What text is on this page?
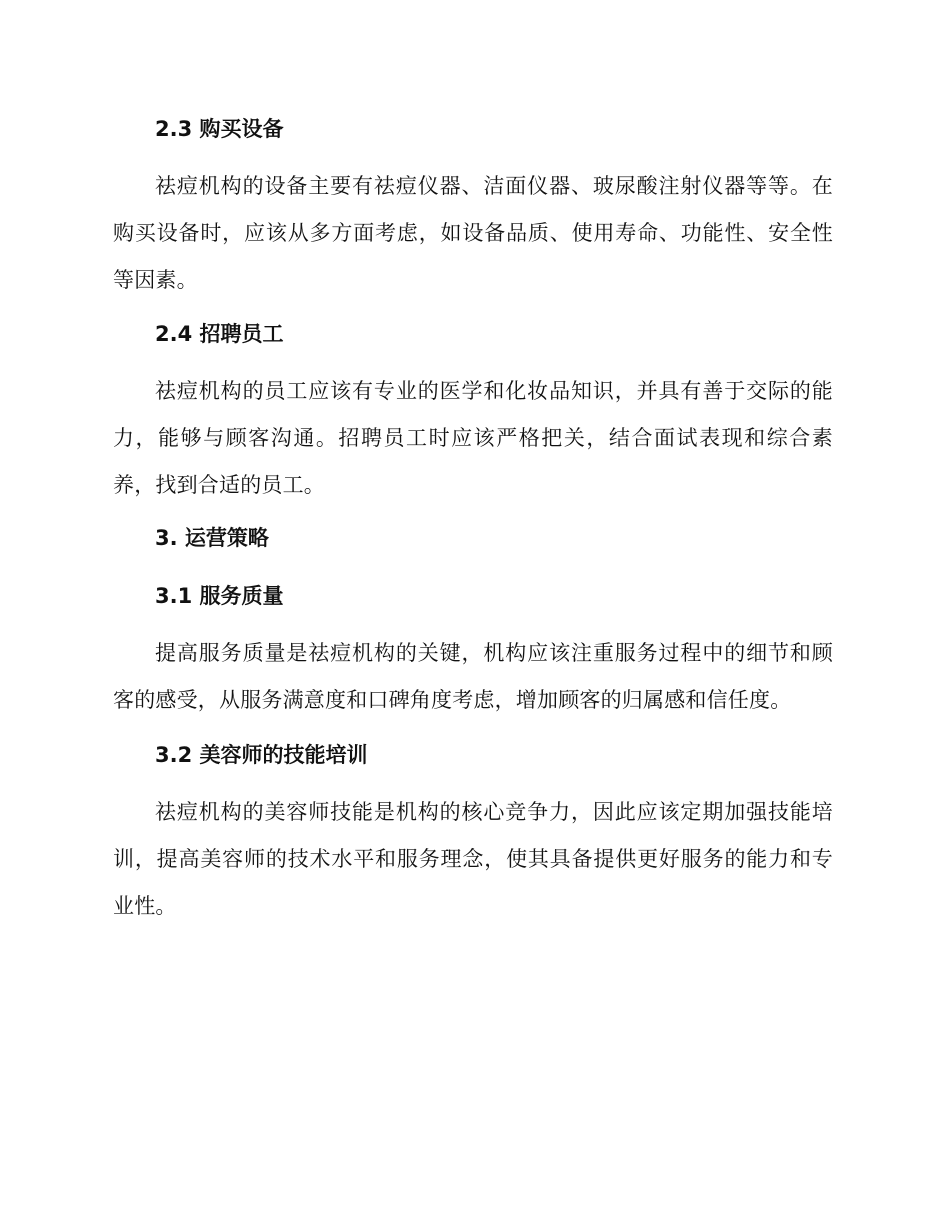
2.3 购买设备

祛痘机构的设备主要有祛痘仪器、洁面仪器、玻尿酸注射仪器等等。在购买设备时，应该从多方面考虑，如设备品质、使用寿命、功能性、安全性等因素。

2.4 招聘员工

祛痘机构的员工应该有专业的医学和化妆品知识，并具有善于交际的能力，能够与顾客沟通。招聘员工时应该严格把关，结合面试表现和综合素养，找到合适的员工。

3. 运营策略
3.1 服务质量

提高服务质量是祛痘机构的关键，机构应该注重服务过程中的细节和顾客的感受，从服务满意度和口碑角度考虑，增加顾客的归属感和信任度。

3.2 美容师的技能培训

祛痘机构的美容师技能是机构的核心竞争力，因此应该定期加强技能培训，提高美容师的技术水平和服务理念，使其具备提供更好服务的能力和专业性。
